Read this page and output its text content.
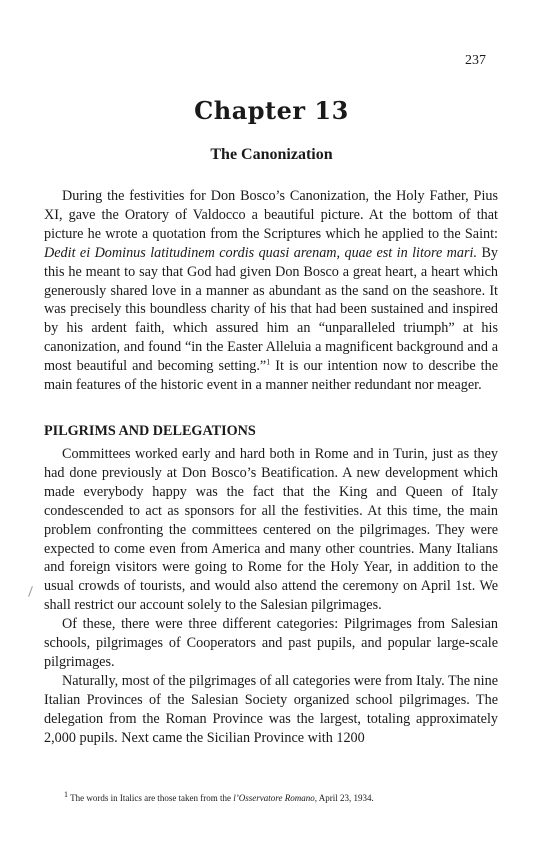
237
Chapter 13
The Canonization

During the festivities for Don Bosco’s Canonization, the Holy Father, Pius XI, gave the Oratory of Valdocco a beautiful picture. At the bottom of that picture he wrote a quotation from the Scriptures which he applied to the Saint: Dedit ei Dominus latitudinem cordis quasi arenam, quae est in litore mari. By this he meant to say that God had given Don Bosco a great heart, a heart which generously shared love in a manner as abundant as the sand on the seashore. It was precisely this boundless charity of his that had been sustained and inspired by his ardent faith, which assured him an “unparalleled triumph” at his canonization, and found “in the Easter Alleluia a magnificent background and a most beautiful and becoming setting.”$^1$ It is our intention now to describe the main features of the historic event in a manner neither redundant nor meager.

PILGRIMS AND DELEGATIONS

Committees worked early and hard both in Rome and in Turin, just as they had done previously at Don Bosco’s Beatification. A new development which made everybody happy was the fact that the King and Queen of Italy condescended to act as sponsors for all the festivities. At this time, the main problem confronting the committees centered on the pilgrimages. They were expected to come even from America and many other countries. Many Italians and foreign visitors were going to Rome for the Holy Year, in addition to the usual crowds of tourists, and would also attend the ceremony on April 1st. We shall restrict our account solely to the Salesian pilgrimages.

Of these, there were three different categories: Pilgrimages from Salesian schools, pilgrimages of Cooperators and past pupils, and popular large-scale pilgrimages.

Naturally, most of the pilgrimages of all categories were from Italy. The nine Italian Provinces of the Salesian Society organized school pilgrimages. The delegation from the Roman Province was the largest, totaling approximately 2,000 pupils. Next came the Sicilian Province with 1200

$^1$ The words in Italics are those taken from the l’Osservatore Romano, April 23, 1934.
